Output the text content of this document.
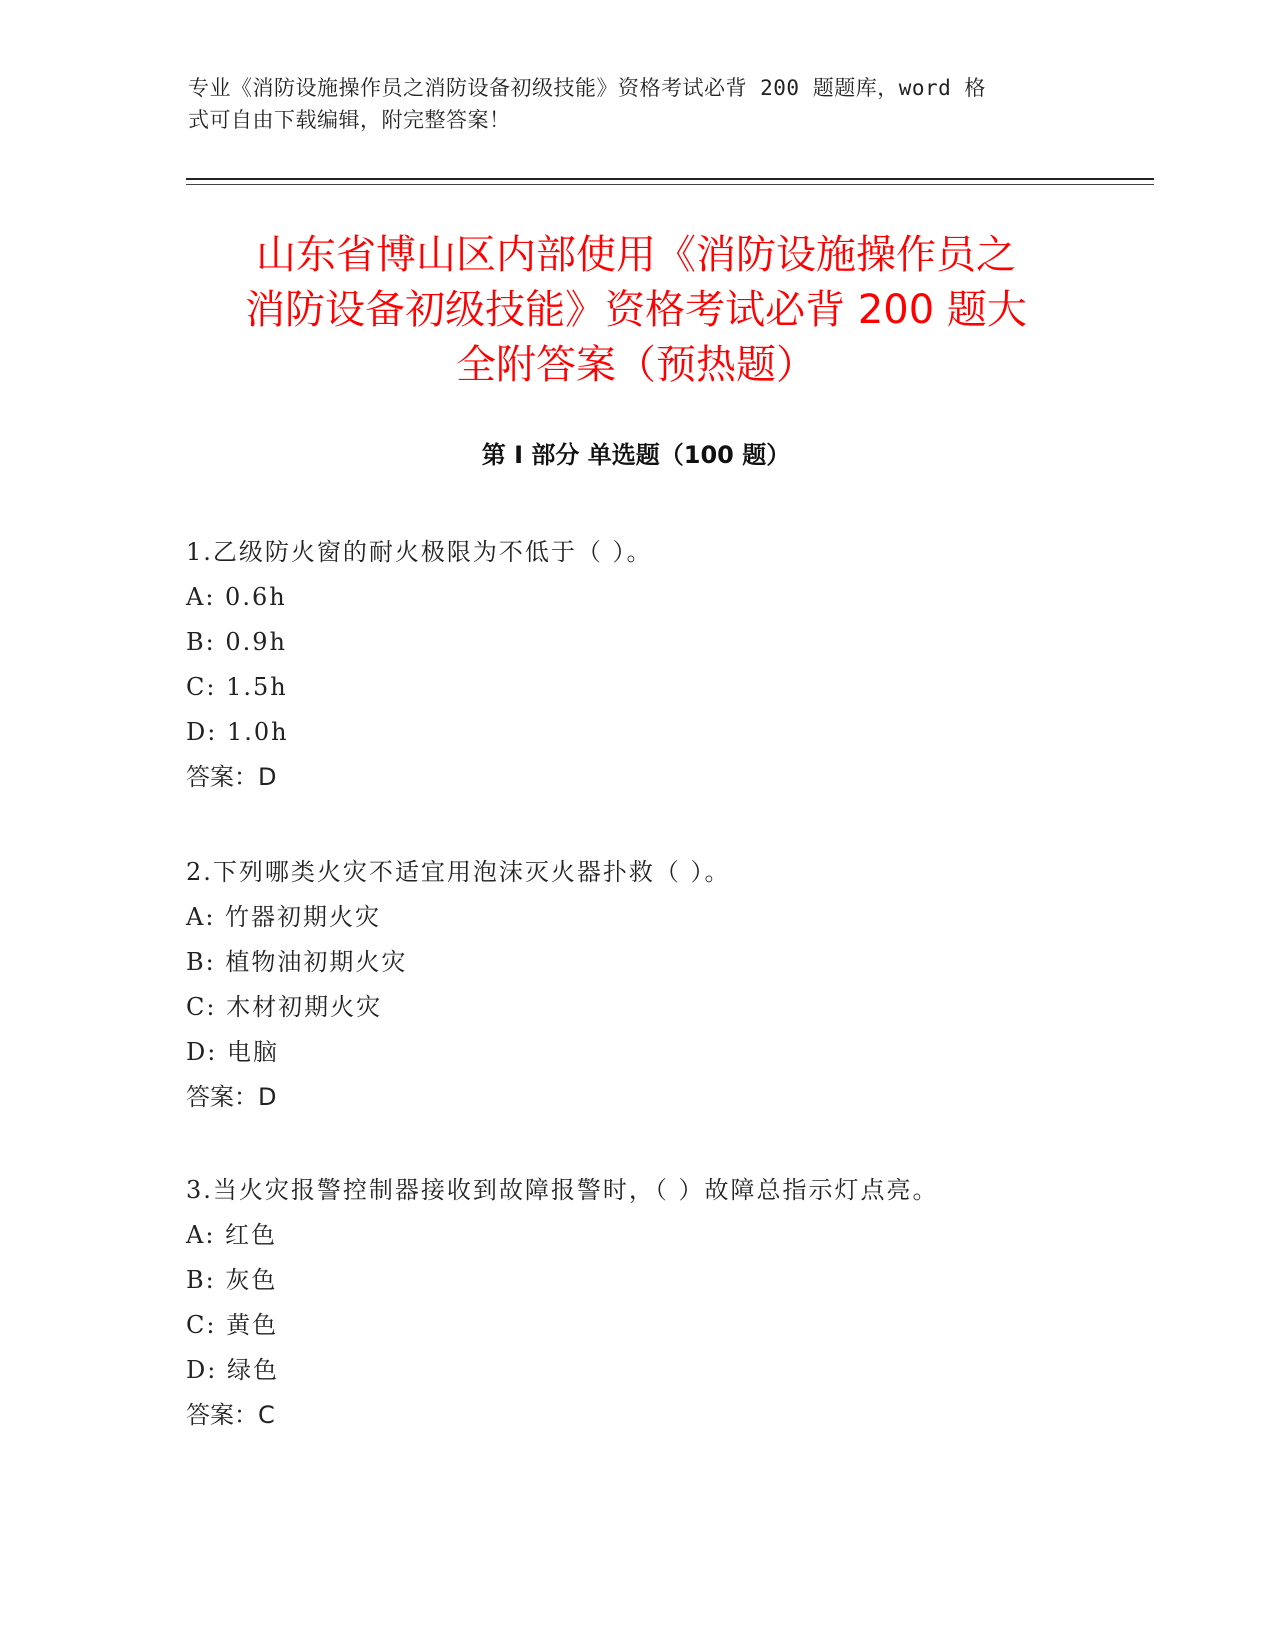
专业《消防设施操作员之消防设备初级技能》资格考试必背 200 题题库，word 格
式可自由下载编辑，附完整答案！
山东省博山区内部使用《消防设施操作员之
消防设备初级技能》资格考试必背 200 题大
全附答案（预热题）
第 I 部分 单选题（100 题）
1.乙级防火窗的耐火极限为不低于（ ）。
A: 0.6h
B: 0.9h
C: 1.5h
D: 1.0h
答案：D
2.下列哪类火灾不适宜用泡沫灭火器扑救（ ）。
A: 竹器初期火灾
B: 植物油初期火灾
C: 木材初期火灾
D: 电脑
答案：D
3.当火灾报警控制器接收到故障报警时，（ ）故障总指示灯点亮。
A: 红色
B: 灰色
C: 黄色
D: 绿色
答案：C
